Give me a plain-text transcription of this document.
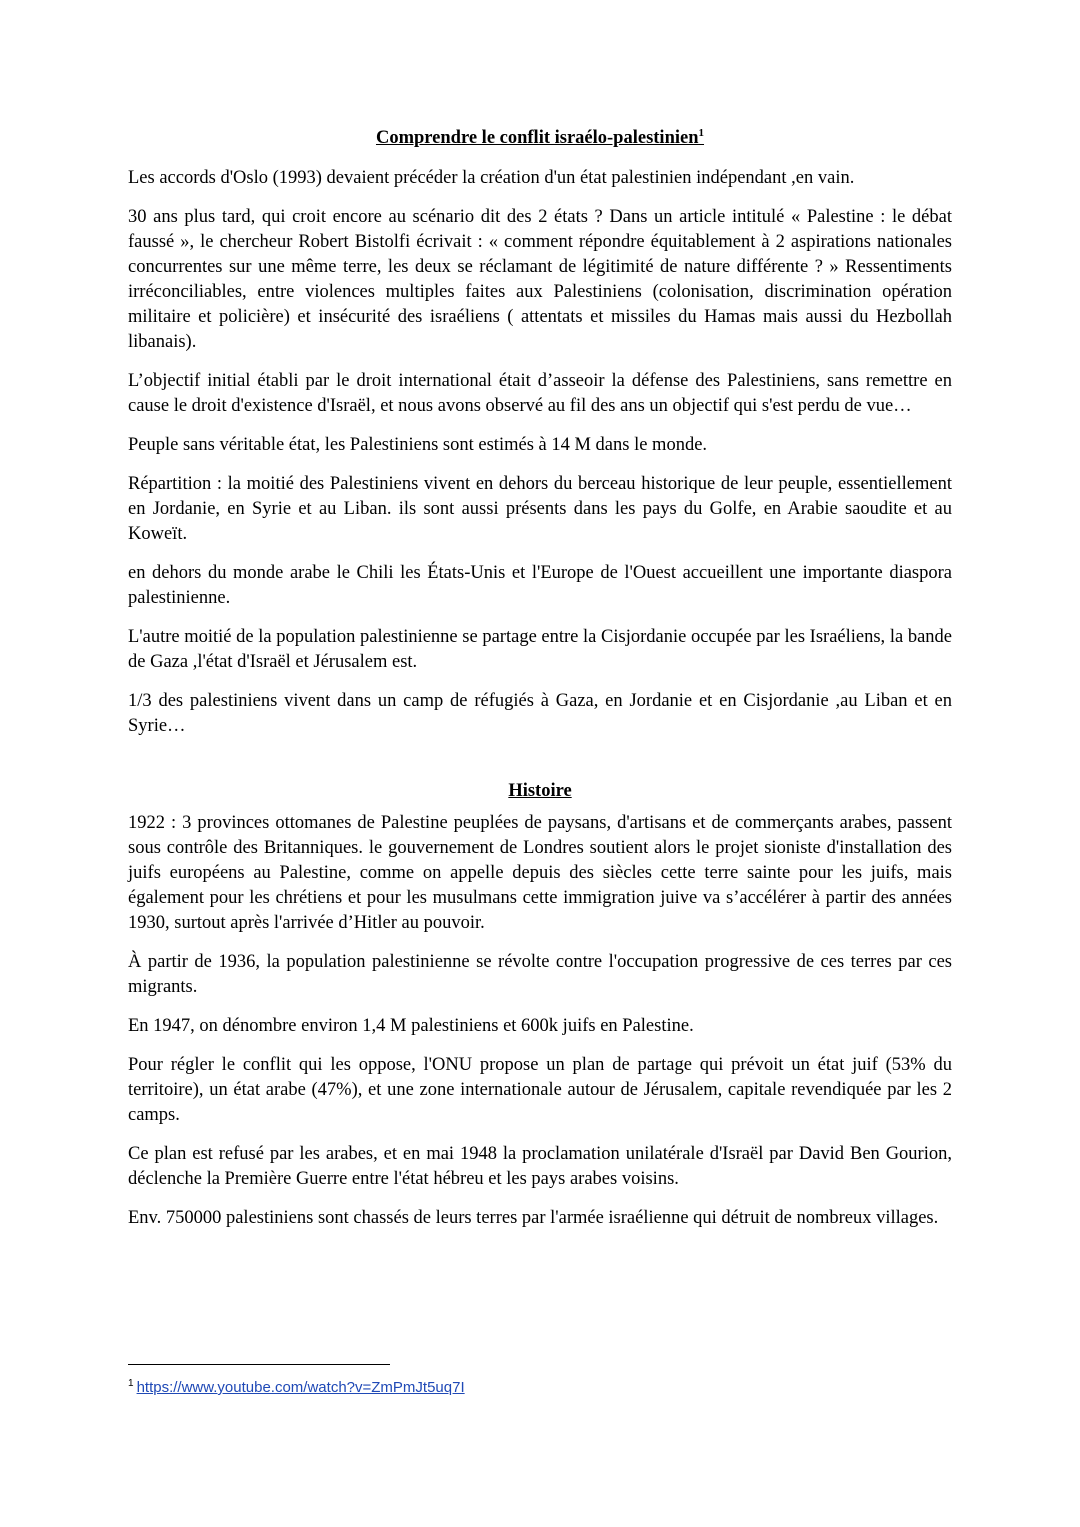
Comprendre le conflit israélo-palestinien$^1$

Les accords d'Oslo (1993) devaient précéder la création d'un état palestinien indépendant ,en vain.

30 ans plus tard, qui croit encore au scénario dit des 2 états ? Dans un article intitulé « Palestine : le débat faussé », le chercheur Robert Bistolfi écrivait : « comment répondre équitablement à 2 aspirations nationales concurrentes sur une même terre, les deux se réclamant de légitimité de nature différente ? » Ressentiments irréconciliables, entre violences multiples faites aux Palestiniens (colonisation, discrimination opération militaire et policière) et insécurité des israéliens ( attentats et missiles du Hamas mais aussi du Hezbollah libanais).

L’objectif initial établi par le droit international était d’asseoir la défense des Palestiniens, sans remettre en cause le droit d'existence d'Israël, et nous avons observé au fil des ans un objectif qui s'est perdu de vue…

Peuple sans véritable état, les Palestiniens sont estimés à 14 M dans le monde.

Répartition : la moitié des Palestiniens vivent en dehors du berceau historique de leur peuple, essentiellement en Jordanie, en Syrie et au Liban. ils sont aussi présents dans les pays du Golfe, en Arabie saoudite et au Koweït.

en dehors du monde arabe le Chili les États-Unis et l'Europe de l'Ouest accueillent une importante diaspora palestinienne.

L'autre moitié de la population palestinienne se partage entre la Cisjordanie occupée par les Israéliens, la bande de Gaza ,l'état d'Israël et Jérusalem est.

1/3 des palestiniens vivent dans un camp de réfugiés à Gaza, en Jordanie et en Cisjordanie ,au Liban et en Syrie…

Histoire

1922 : 3 provinces ottomanes de Palestine peuplées de paysans, d'artisans et de commerçants arabes, passent sous contrôle des Britanniques. le gouvernement de Londres soutient alors le projet sioniste d'installation des juifs européens au Palestine, comme on appelle depuis des siècles cette terre sainte pour les juifs, mais également pour les chrétiens et pour les musulmans cette immigration juive va s’accélérer à partir des années 1930, surtout après l'arrivée d’Hitler au pouvoir.

À partir de 1936, la population palestinienne se révolte contre l'occupation progressive de ces terres par ces migrants.

En 1947, on dénombre environ 1,4 M palestiniens et 600k juifs en Palestine.

Pour régler le conflit qui les oppose, l'ONU propose un plan de partage qui prévoit un état juif (53% du territoire), un état arabe (47%), et une zone internationale autour de Jérusalem, capitale revendiquée par les 2 camps.

Ce plan est refusé par les arabes, et en mai 1948 la proclamation unilatérale d'Israël par David Ben Gourion, déclenche la Première Guerre entre l'état hébreu et les pays arabes voisins.

Env. 750000 palestiniens sont chassés de leurs terres par l'armée israélienne qui détruit de nombreux villages.

$^1$ https://www.youtube.com/watch?v=ZmPmJt5uq7I
